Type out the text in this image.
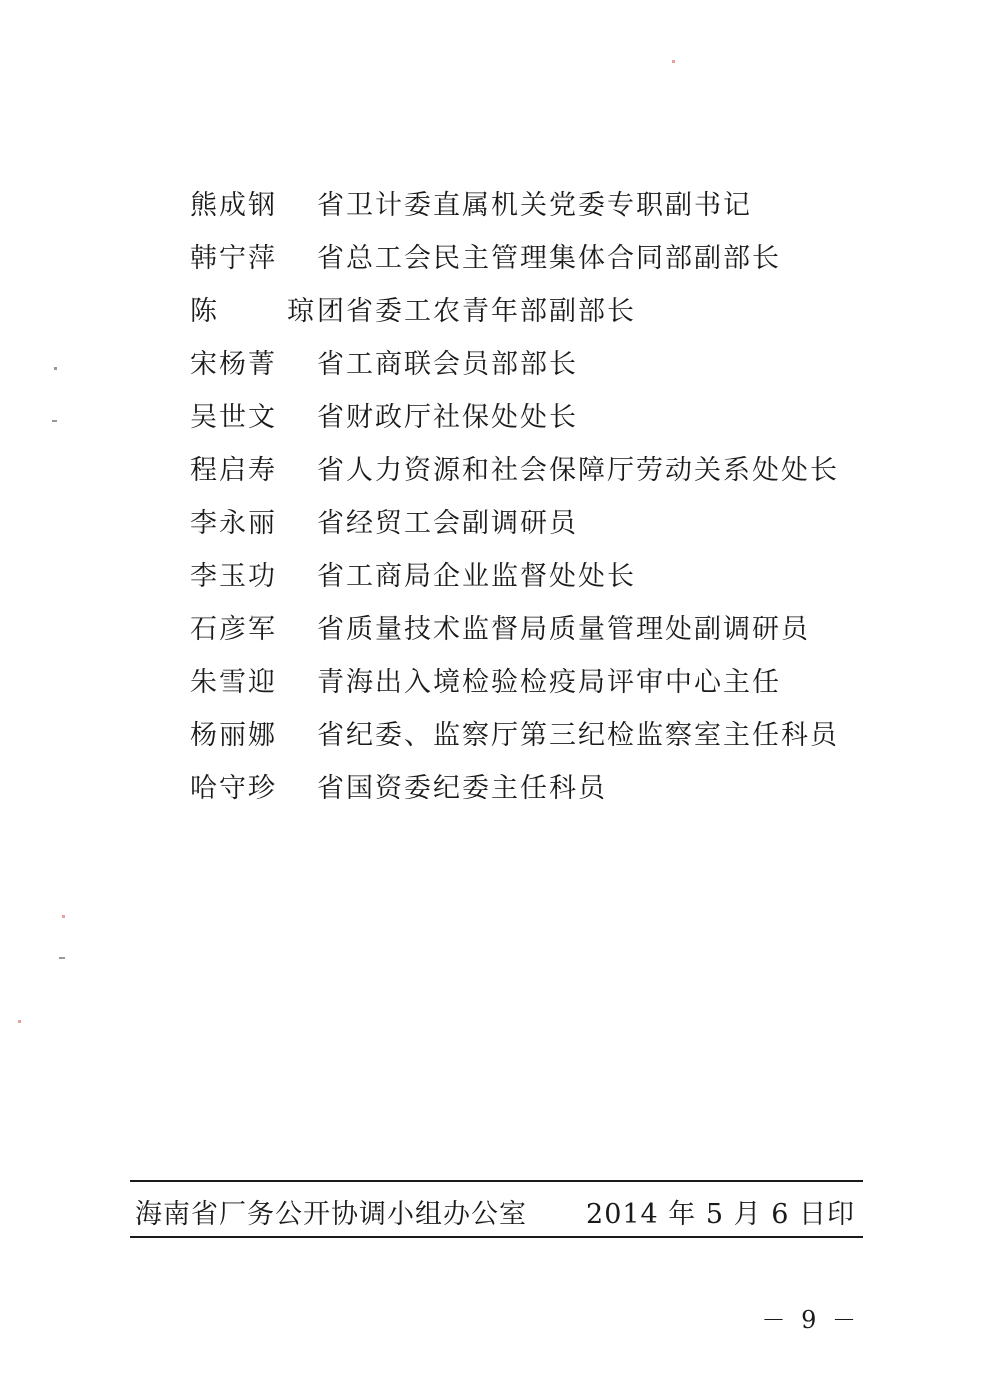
熊成钢	省卫计委直属机关党委专职副书记
韩宁萍	省总工会民主管理集体合同部副部长
陈	琼 团省委工农青年部副部长
宋杨菁	省工商联会员部部长
吴世文	省财政厅社保处处长
程启寿	省人力资源和社会保障厅劳动关系处处长
李永丽	省经贸工会副调研员
李玉功	省工商局企业监督处处长
石彦军	省质量技术监督局质量管理处副调研员
朱雪迎	青海出入境检验检疫局评审中心主任
杨丽娜	省纪委、监察厅第三纪检监察室主任科员
哈守珍	省国资委纪委主任科员
海南省厂务公开协调小组办公室 2014 年 5 月 6 日印
－ 9 －
